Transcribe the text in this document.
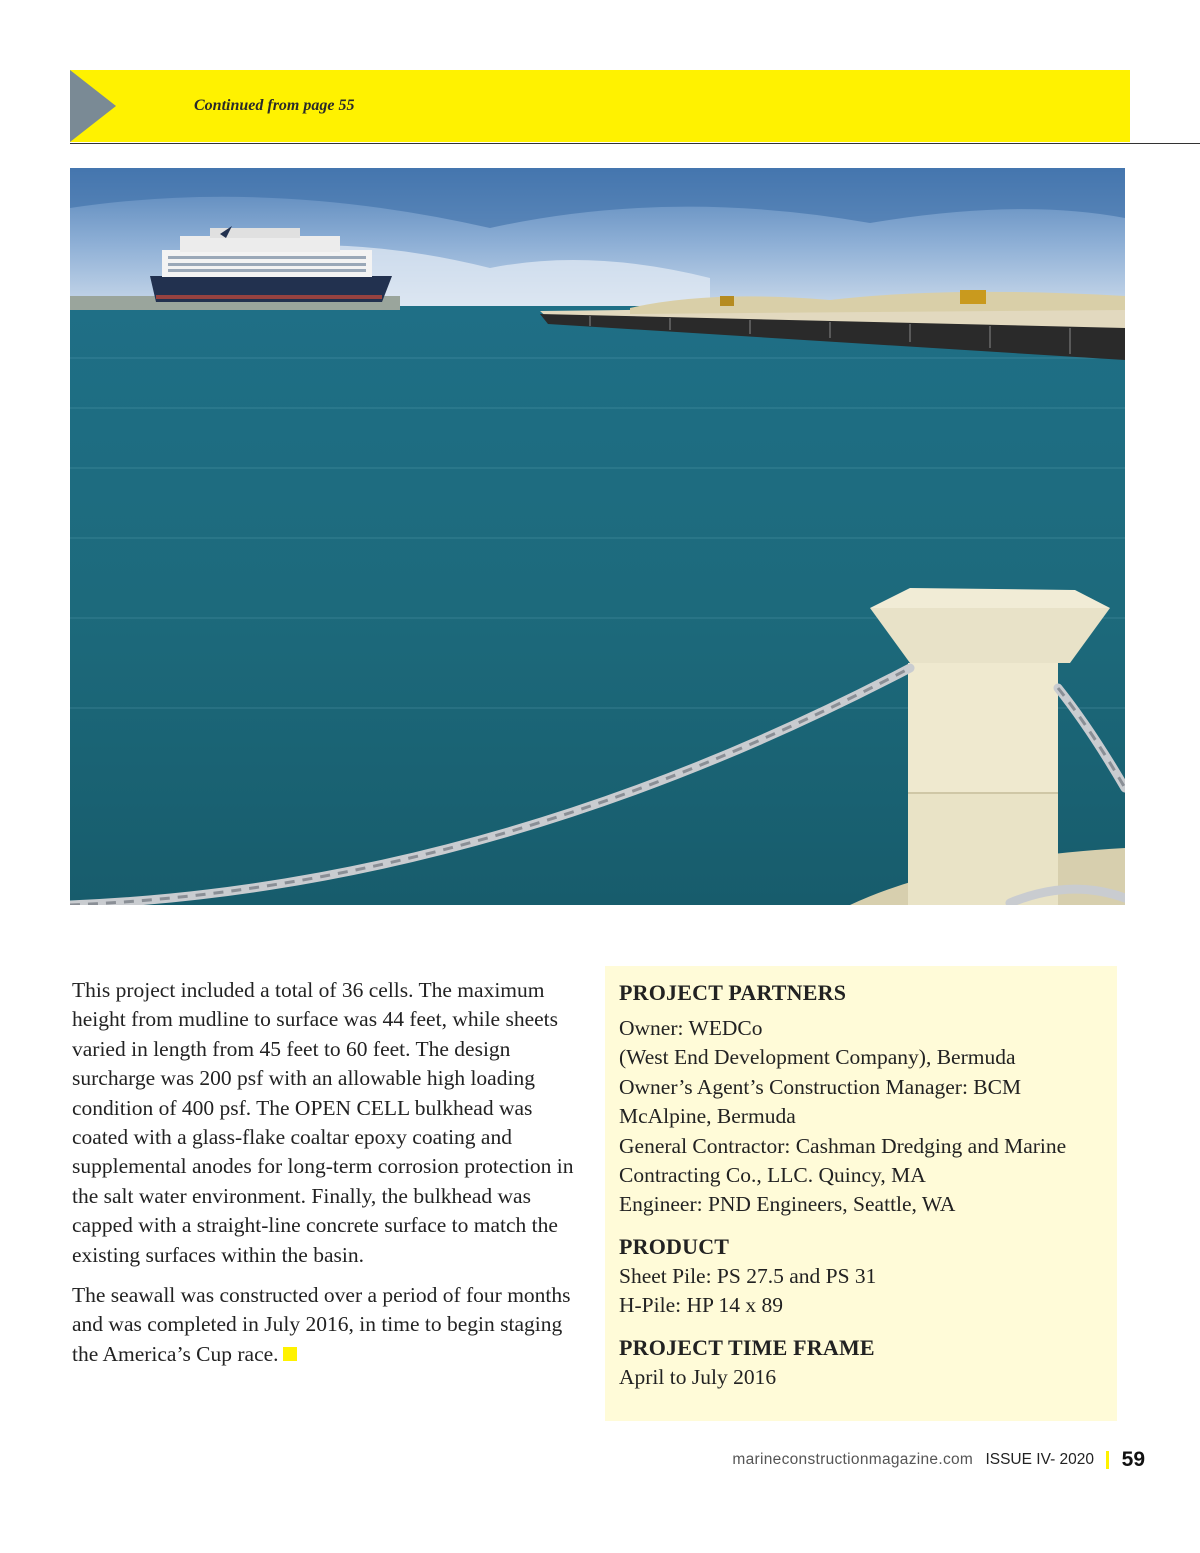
Continued from page 55

This project included a total of 36 cells. The maximum height from mudline to surface was 44 feet, while sheets varied in length from 45 feet to 60 feet. The design surcharge was 200 psf with an allowable high loading condition of 400 psf. The OPEN CELL bulkhead was coated with a glass-flake coaltar epoxy coating and supplemental anodes for long-term corrosion protection in the salt water environment. Finally, the bulkhead was capped with a straight-line concrete surface to match the existing surfaces within the basin.

The seawall was constructed over a period of four months and was completed in July 2016, in time to begin staging the America’s Cup race.

PROJECT PARTNERS
Owner: WEDCo
(West End Development Company), Bermuda
Owner’s Agent’s Construction Manager: BCM
McAlpine, Bermuda
General Contractor: Cashman Dredging and Marine
Contracting Co., LLC. Quincy, MA
Engineer: PND Engineers, Seattle, WA
PRODUCT
Sheet Pile: PS 27.5 and PS 31
H-Pile: HP 14 x 89
PROJECT TIME FRAME
April to July 2016
marineconstructionmagazine.com ISSUE IV- 2020 59
